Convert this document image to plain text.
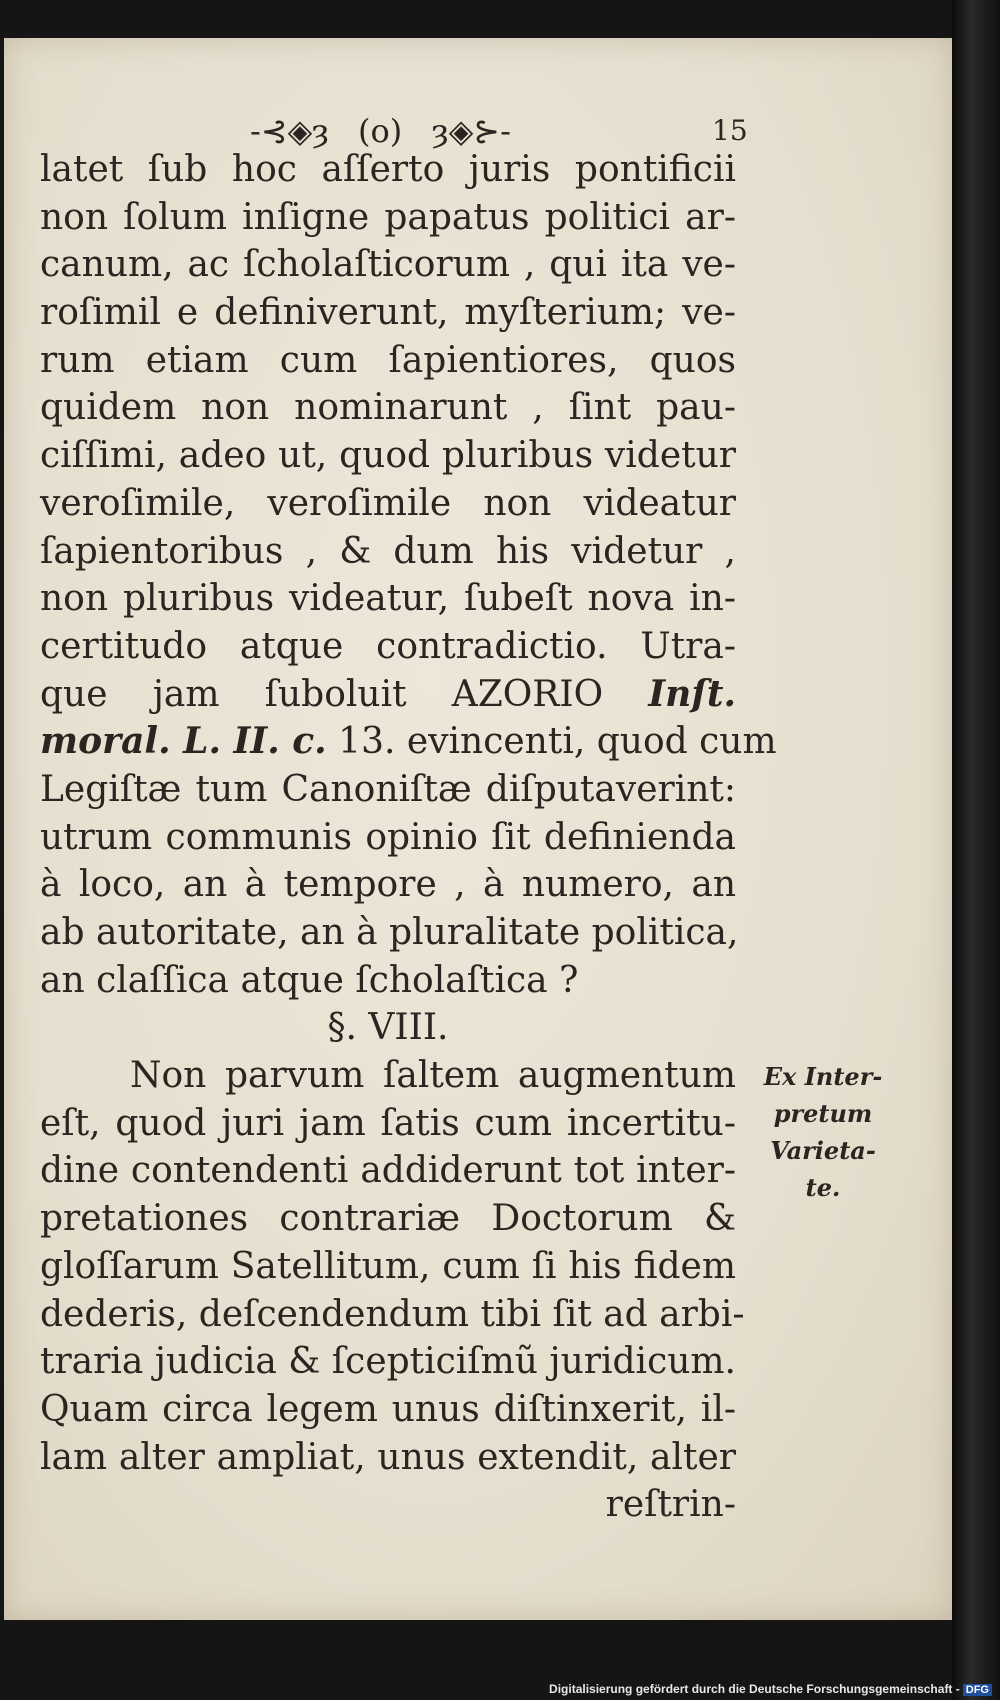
-⊰◈ȝ (o) ȝ◈⊱-	15
latet ſub hoc aſſerto juris pontificii
non ſolum inſigne papatus politici ar-
canum, ac ſcholaſticorum , qui ita ve-
roſimil e definiverunt, myſterium; ve-
rum etiam cum ſapientiores, quos
quidem non nominarunt , ſint pau-
ciſſimi, adeo ut, quod pluribus videtur
veroſimile, veroſimile non videatur
ſapientoribus , & dum his videtur ,
non pluribus videatur, ſubeſt nova in-
certitudo atque contradictio. Utra-
que jam ſuboluit AZORIO Inſt.
moral. L. II. c. 13. evincenti, quod cum
Legiſtæ tum Canoniſtæ diſputaverint:
utrum communis opinio ſit definienda
à loco, an à tempore , à numero, an
ab autoritate, an à pluralitate politica,
an claſſica atque ſcholaſtica ?
§. VIII.
Non parvum ſaltem augmentum
eſt, quod juri jam ſatis cum incertitu-
dine contendenti addiderunt tot inter-
pretationes contrariæ Doctorum &
gloſſarum Satellitum, cum ſi his fidem
dederis, deſcendendum tibi ſit ad arbi-
traria judicia & ſcepticiſmũ juridicum.
Quam circa legem unus diſtinxerit, il-
lam alter ampliat, unus extendit, alter
reſtrin-
Ex Inter-
pretum
Varieta-
te.
Digitalisierung gefördert durch die Deutsche Forschungsgemeinschaft - DFG
